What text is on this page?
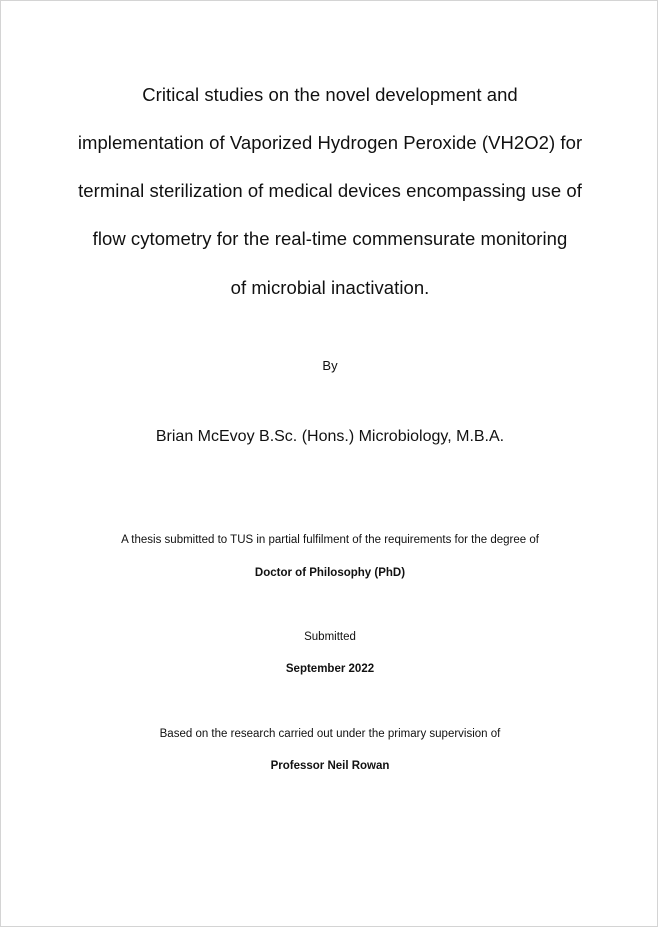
Critical studies on the novel development and
implementation of Vaporized Hydrogen Peroxide (VH2O2) for
terminal sterilization of medical devices encompassing use of
flow cytometry for the real-time commensurate monitoring
of microbial inactivation.
By
Brian McEvoy B.Sc. (Hons.) Microbiology, M.B.A.
A thesis submitted to TUS in partial fulfilment of the requirements for the degree of
Doctor of Philosophy (PhD)
Submitted
September 2022
Based on the research carried out under the primary supervision of
Professor Neil Rowan
